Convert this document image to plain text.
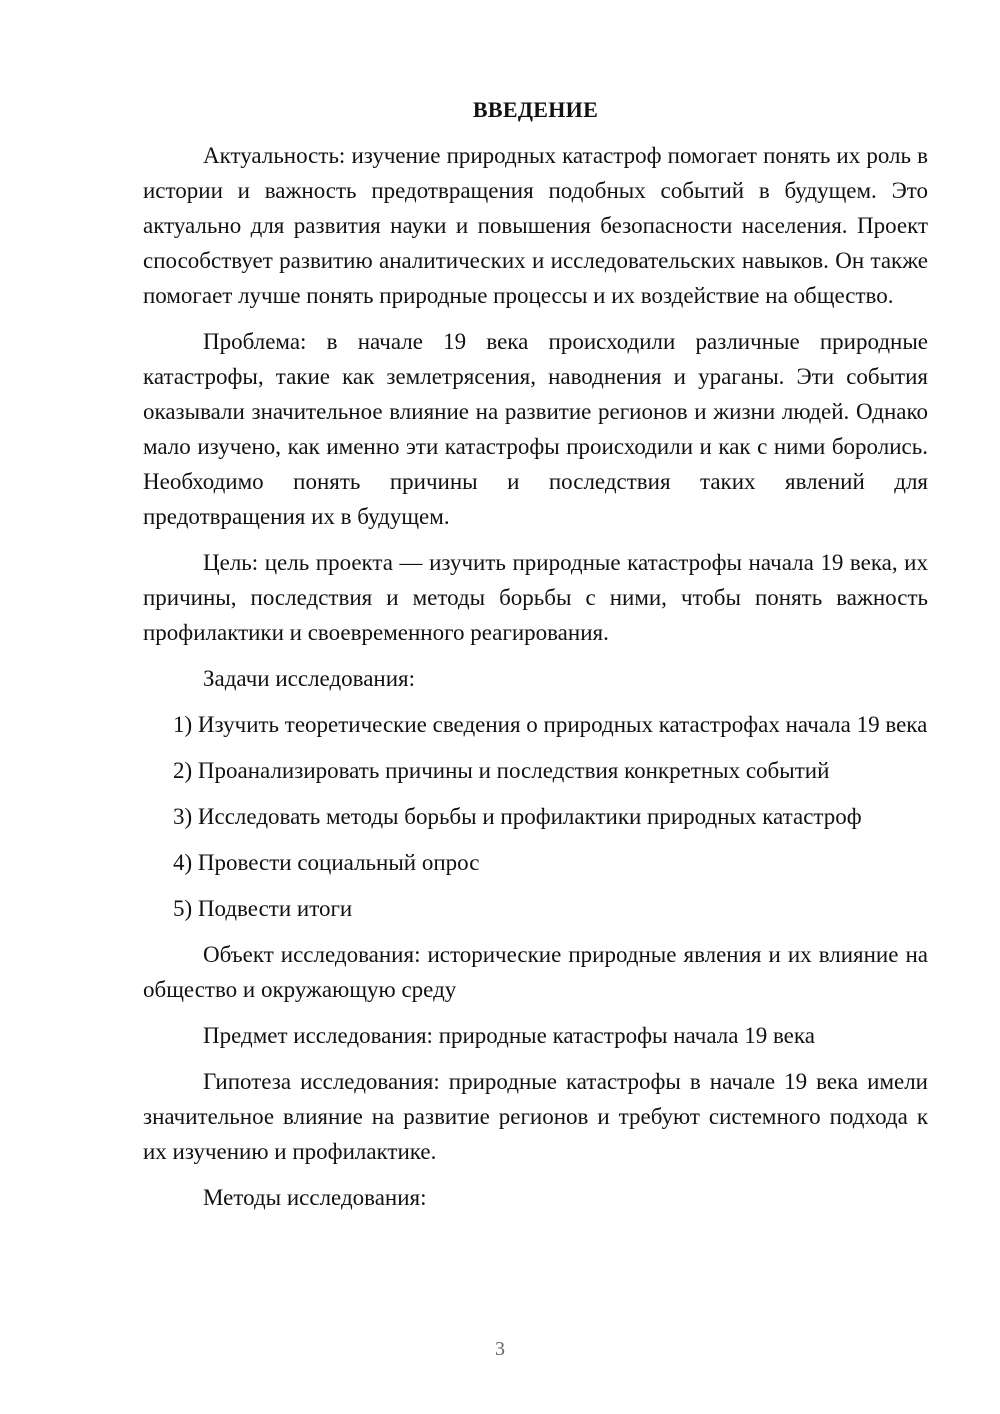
ВВЕДЕНИЕ

Актуальность: изучение природных катастроф помогает понять их роль в истории и важность предотвращения подобных событий в будущем. Это актуально для развития науки и повышения безопасности населения. Проект способствует развитию аналитических и исследовательских навыков. Он также помогает лучше понять природные процессы и их воздействие на общество.

Проблема: в начале 19 века происходили различные природные катастрофы, такие как землетрясения, наводнения и ураганы. Эти события оказывали значительное влияние на развитие регионов и жизни людей. Однако мало изучено, как именно эти катастрофы происходили и как с ними боролись. Необходимо понять причины и последствия таких явлений для предотвращения их в будущем.

Цель: цель проекта — изучить природные катастрофы начала 19 века, их причины, последствия и методы борьбы с ними, чтобы понять важность профилактики и своевременного реагирования.

Задачи исследования:

1) Изучить теоретические сведения о природных катастрофах начала 19 века

2) Проанализировать причины и последствия конкретных событий

3) Исследовать методы борьбы и профилактики природных катастроф

4) Провести социальный опрос

5) Подвести итоги

Объект исследования: исторические природные явления и их влияние на общество и окружающую среду

Предмет исследования: природные катастрофы начала 19 века

Гипотеза исследования: природные катастрофы в начале 19 века имели значительное влияние на развитие регионов и требуют системного подхода к их изучению и профилактике.

Методы исследования:

3
